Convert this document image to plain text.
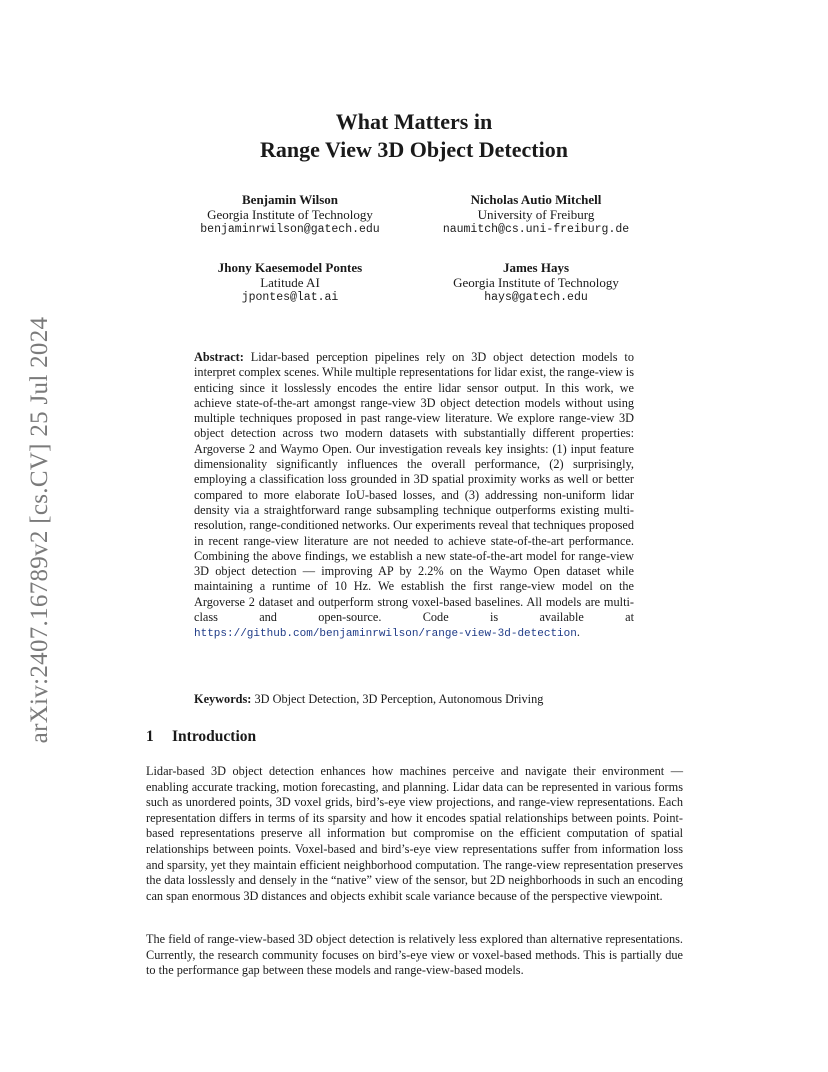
arXiv:2407.16789v2 [cs.CV] 25 Jul 2024
What Matters in
Range View 3D Object Detection
Benjamin Wilson
Georgia Institute of Technology
benjaminrwilson@gatech.edu
Nicholas Autio Mitchell
University of Freiburg
naumitch@cs.uni-freiburg.de
Jhony Kaesemodel Pontes
Latitude AI
jpontes@lat.ai
James Hays
Georgia Institute of Technology
hays@gatech.edu
Abstract: Lidar-based perception pipelines rely on 3D object detection models to interpret complex scenes. While multiple representations for lidar exist, the range-view is enticing since it losslessly encodes the entire lidar sensor output. In this work, we achieve state-of-the-art amongst range-view 3D object detection models without using multiple techniques proposed in past range-view literature. We explore range-view 3D object detection across two modern datasets with substantially different properties: Argoverse 2 and Waymo Open. Our investigation reveals key insights: (1) input feature dimensionality significantly influences the overall performance, (2) surprisingly, employing a classification loss grounded in 3D spatial proximity works as well or better compared to more elaborate IoU-based losses, and (3) addressing non-uniform lidar density via a straightforward range subsampling technique outperforms existing multi-resolution, range-conditioned networks. Our experiments reveal that techniques proposed in recent range-view literature are not needed to achieve state-of-the-art performance. Combining the above findings, we establish a new state-of-the-art model for range-view 3D object detection — improving AP by 2.2% on the Waymo Open dataset while maintaining a runtime of 10 Hz. We establish the first range-view model on the Argoverse 2 dataset and outperform strong voxel-based baselines. All models are multi-class and open-source. Code is available at https://github.com/benjaminrwilson/range-view-3d-detection.
Keywords: 3D Object Detection, 3D Perception, Autonomous Driving
1 Introduction
Lidar-based 3D object detection enhances how machines perceive and navigate their environment — enabling accurate tracking, motion forecasting, and planning. Lidar data can be represented in various forms such as unordered points, 3D voxel grids, bird’s-eye view projections, and range-view representations. Each representation differs in terms of its sparsity and how it encodes spatial relationships between points. Point-based representations preserve all information but compromise on the efficient computation of spatial relationships between points. Voxel-based and bird’s-eye view representations suffer from information loss and sparsity, yet they maintain efficient neighborhood computation. The range-view representation preserves the data losslessly and densely in the “native” view of the sensor, but 2D neighborhoods in such an encoding can span enormous 3D distances and objects exhibit scale variance because of the perspective viewpoint.
The field of range-view-based 3D object detection is relatively less explored than alternative representations. Currently, the research community focuses on bird’s-eye view or voxel-based methods. This is partially due to the performance gap between these models and range-view-based models.
